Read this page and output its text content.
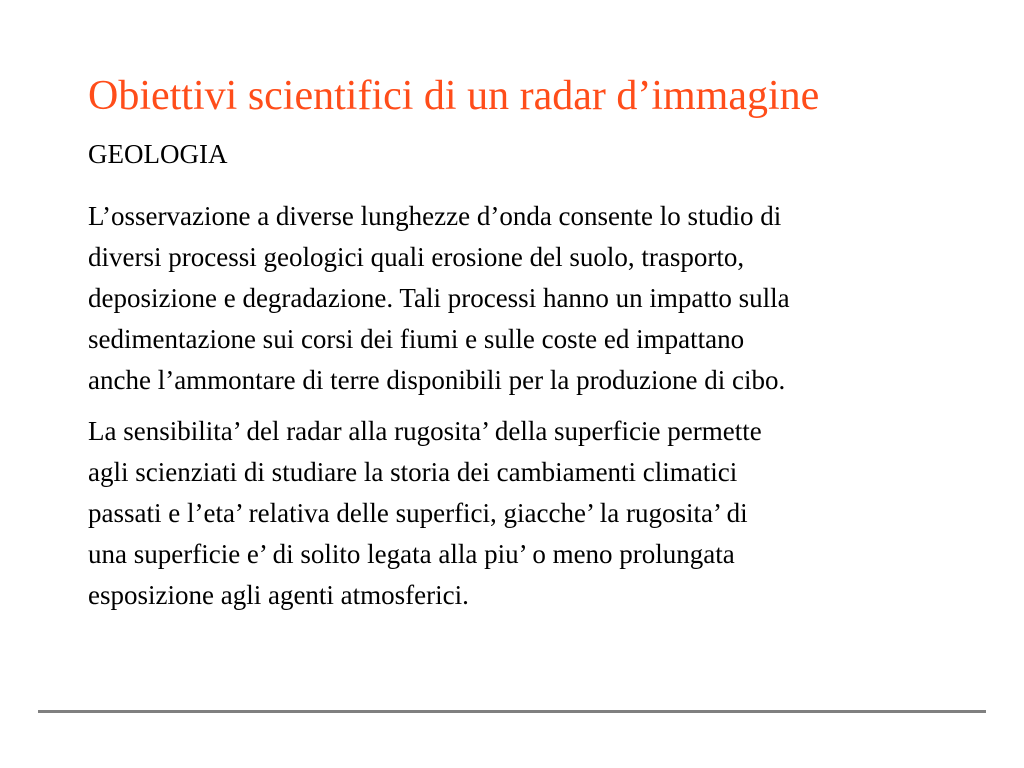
Obiettivi scientifici di un radar d’immagine
GEOLOGIA

L’osservazione a diverse lunghezze d’onda consente lo studio di
diversi processi geologici quali erosione del suolo, trasporto,
deposizione e degradazione. Tali processi hanno un impatto sulla
sedimentazione sui corsi dei fiumi e sulle coste ed impattano
anche l’ammontare di terre disponibili per la produzione di cibo.

La sensibilita’ del radar alla rugosita’ della superficie permette
agli scienziati di studiare la storia dei cambiamenti climatici
passati e l’eta’ relativa delle superfici, giacche’ la rugosita’ di
una superficie e’ di solito legata alla piu’ o meno prolungata
esposizione agli agenti atmosferici.
